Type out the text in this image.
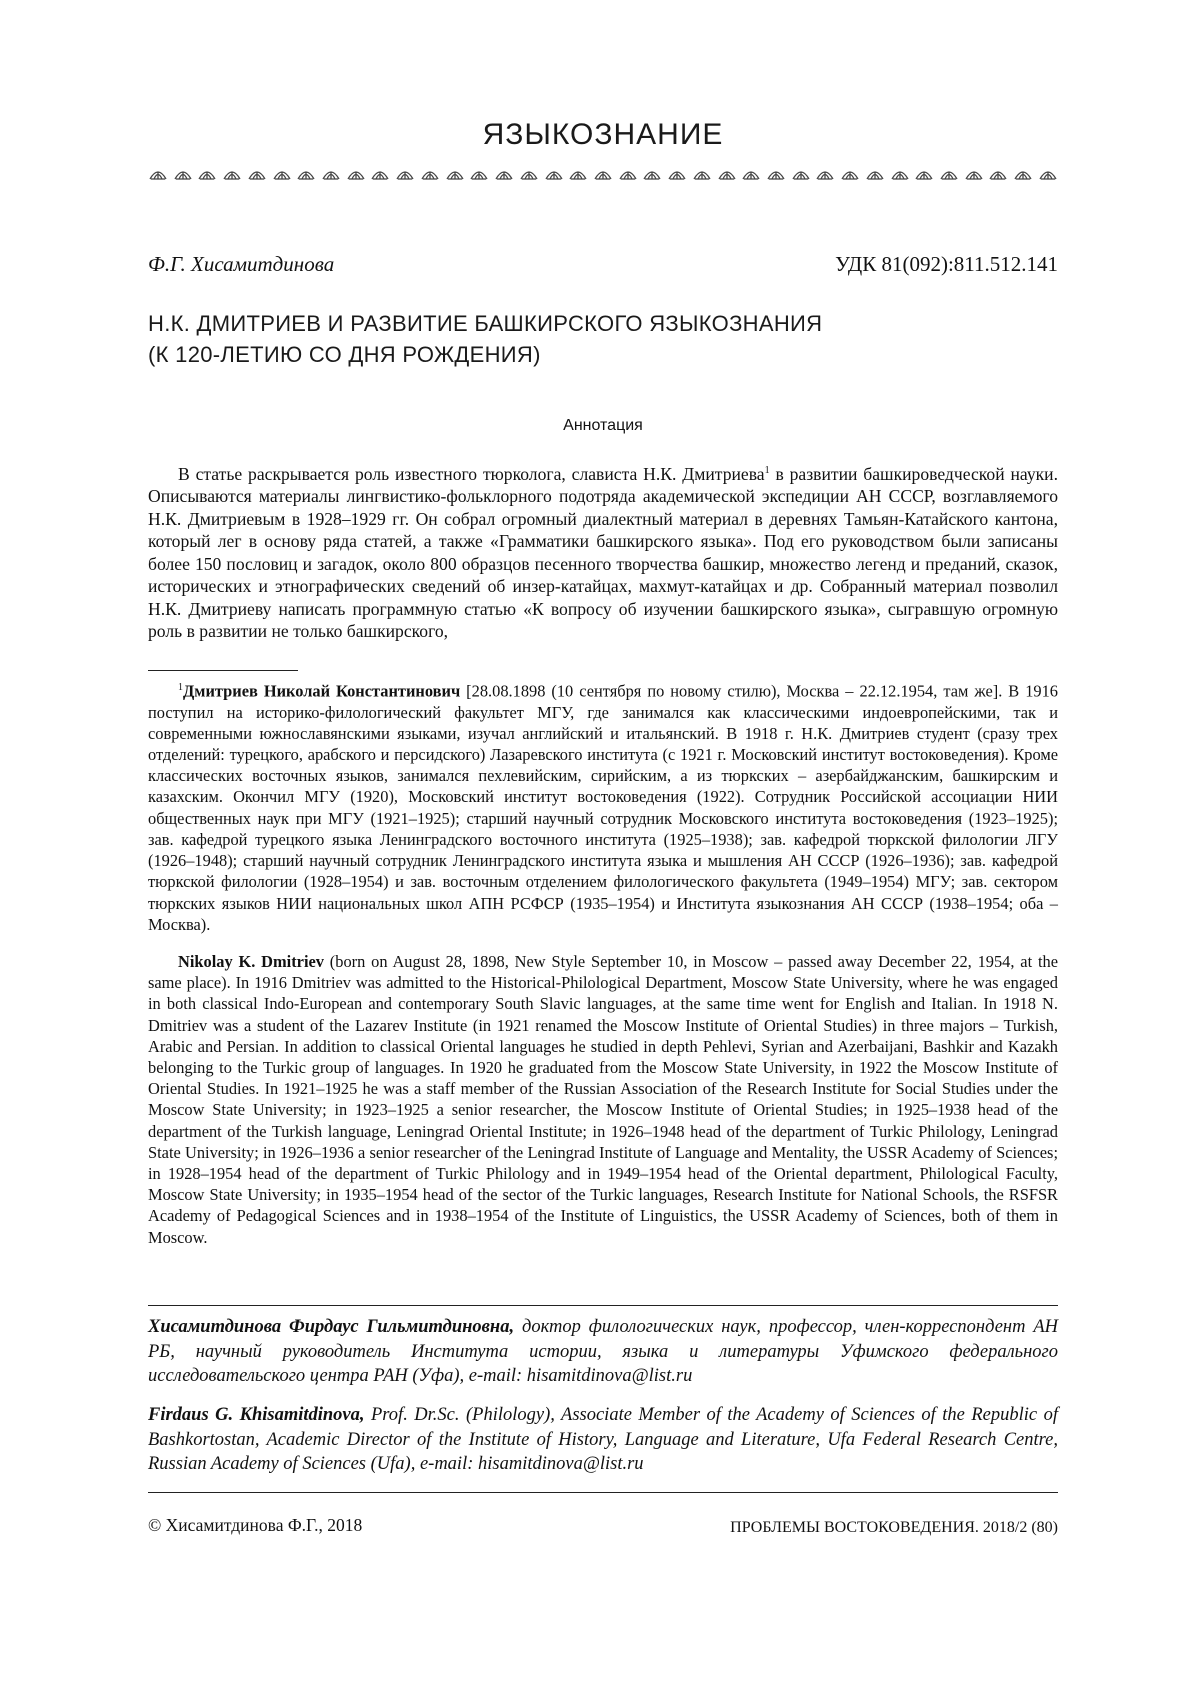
ЯЗЫКОЗНАНИЕ
Ф.Г. Хисамитдинова	УДК 81(092):811.512.141
Н.К. ДМИТРИЕВ И РАЗВИТИЕ БАШКИРСКОГО ЯЗЫКОЗНАНИЯ
(К 120-ЛЕТИЮ СО ДНЯ РОЖДЕНИЯ)
Аннотация

В статье раскрывается роль известного тюрколога, слависта Н.К. Дмитриева$^1$ в развитии башкироведческой науки. Описываются материалы лингвистико-фольклорного подотряда академической экспедиции АН СССР, возглавляемого Н.К. Дмитриевым в 1928–1929 гг. Он собрал огромный диалектный материал в деревнях Тамьян-Катайского кантона, который лег в основу ряда статей, а также «Грамматики башкирского языка». Под его руководством были записаны более 150 пословиц и загадок, около 800 образцов песенного творчества башкир, множество легенд и преданий, сказок, исторических и этнографических сведений об инзер-катайцах, махмут-катайцах и др. Собранный материал позволил Н.К. Дмитриеву написать программную статью «К вопросу об изучении башкирского языка», сыгравшую огромную роль в развитии не только башкирского,

$^1$Дмитриев Николай Константинович [28.08.1898 (10 сентября по новому стилю), Москва – 22.12.1954, там же]. В 1916 поступил на историко-филологический факультет МГУ, где занимался как классическими индоевропейскими, так и современными южнославянскими языками, изучал английский и итальянский. В 1918 г. Н.К. Дмитриев студент (сразу трех отделений: турецкого, арабского и персидского) Лазаревского института (с 1921 г. Московский институт востоковедения). Кроме классических восточных языков, занимался пехлевийским, сирийским, а из тюркских – азербайджанским, башкирским и казахским. Окончил МГУ (1920), Московский институт востоковедения (1922). Сотрудник Российской ассоциации НИИ общественных наук при МГУ (1921–1925); старший научный сотрудник Московского института востоковедения (1923–1925); зав. кафедрой турецкого языка Ленинградского восточного института (1925–1938); зав. кафедрой тюркской филологии ЛГУ (1926–1948); старший научный сотрудник Ленинградского института языка и мышления АН СССР (1926–1936); зав. кафедрой тюркской филологии (1928–1954) и зав. восточным отделением филологического факультета (1949–1954) МГУ; зав. сектором тюркских языков НИИ национальных школ АПН РСФСР (1935–1954) и Института языкознания АН СССР (1938–1954; оба – Москва).

Nikolay K. Dmitriev (born on August 28, 1898, New Style September 10, in Moscow – passed away December 22, 1954, at the same place). In 1916 Dmitriev was admitted to the Historical-Philological Department, Moscow State University, where he was engaged in both classical Indo-European and contemporary South Slavic languages, at the same time went for English and Italian. In 1918 N. Dmitriev was a student of the Lazarev Institute (in 1921 renamed the Moscow Institute of Oriental Studies) in three majors – Turkish, Arabic and Persian. In addition to classical Oriental languages he studied in depth Pehlevi, Syrian and Azerbaijani, Bashkir and Kazakh belonging to the Turkic group of languages. In 1920 he graduated from the Moscow State University, in 1922 the Moscow Institute of Oriental Studies. In 1921–1925 he was a staff member of the Russian Association of the Research Institute for Social Studies under the Moscow State University; in 1923–1925 a senior researcher, the Moscow Institute of Oriental Studies; in 1925–1938 head of the department of the Turkish language, Leningrad Oriental Institute; in 1926–1948 head of the department of Turkic Philology, Leningrad State University; in 1926–1936 a senior researcher of the Leningrad Institute of Language and Mentality, the USSR Academy of Sciences; in 1928–1954 head of the department of Turkic Philology and in 1949–1954 head of the Oriental department, Philological Faculty, Moscow State University; in 1935–1954 head of the sector of the Turkic languages, Research Institute for National Schools, the RSFSR Academy of Pedagogical Sciences and in 1938–1954 of the Institute of Linguistics, the USSR Academy of Sciences, both of them in Moscow.

Хисамитдинова Фирдаус Гильмитдиновна, доктор филологических наук, профессор, член-корреспондент АН РБ, научный руководитель Института истории, языка и литературы Уфимского федерального исследовательского центра РАН (Уфа), e-mail: hisamitdinova@list.ru

Firdaus G. Khisamitdinova, Prof. Dr.Sc. (Philology), Associate Member of the Academy of Sciences of the Republic of Bashkortostan, Academic Director of the Institute of History, Language and Literature, Ufa Federal Research Centre, Russian Academy of Sciences (Ufa), e-mail: hisamitdinova@list.ru

© Хисамитдинова Ф.Г., 2018	ПРОБЛЕМЫ ВОСТОКОВЕДЕНИЯ. 2018/2 (80)
